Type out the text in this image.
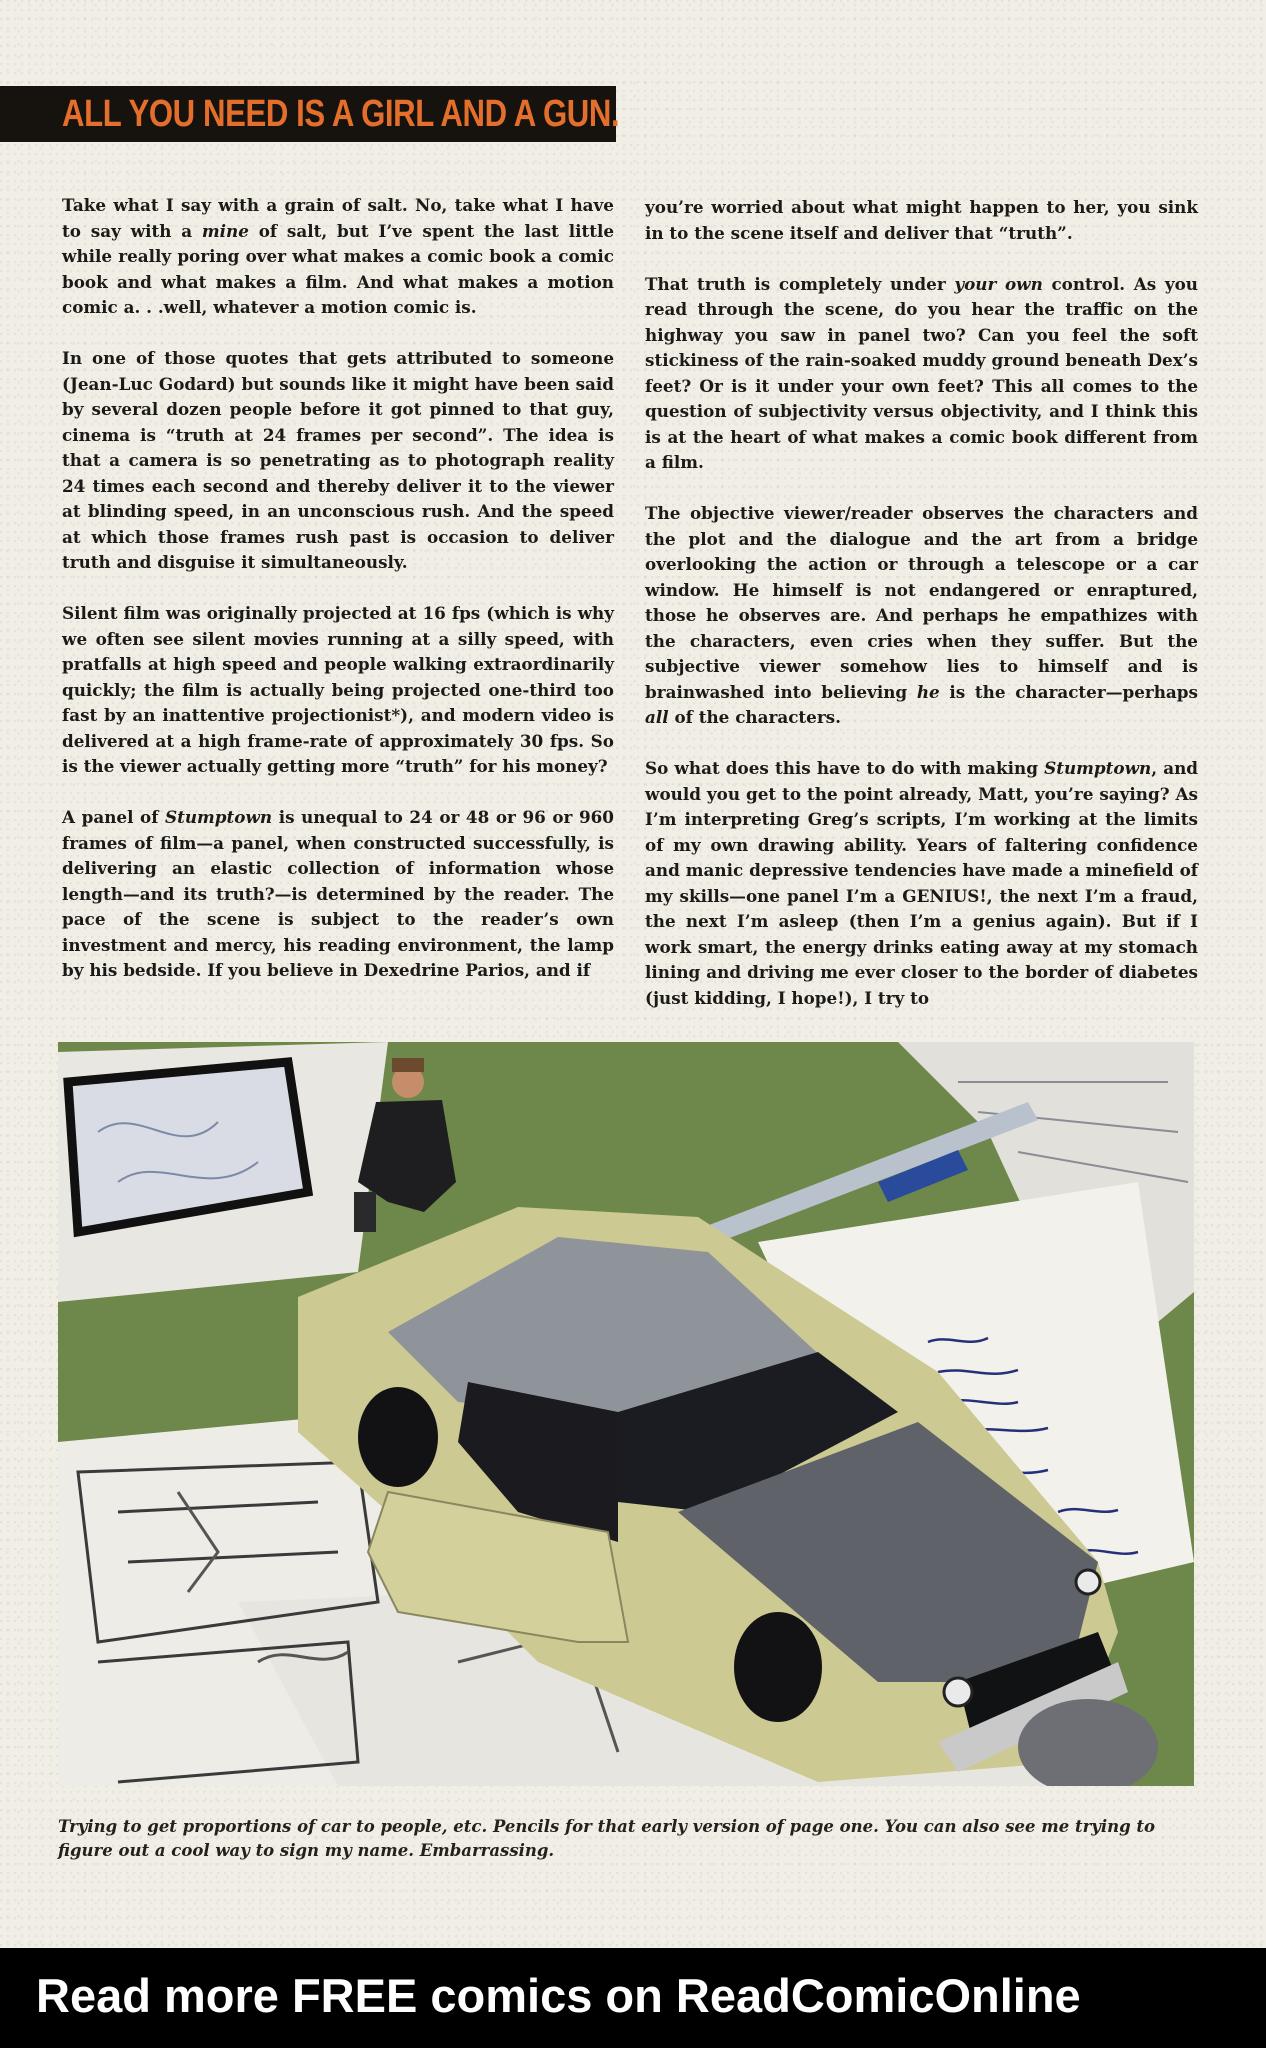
ALL YOU NEED IS A GIRL AND A GUN.

Take what I say with a grain of salt. No, take what I have to say with a mine of salt, but I’ve spent the last little while really poring over what makes a comic book a comic book and what makes a film. And what makes a motion comic a. . .well, whatever a motion comic is.

In one of those quotes that gets attributed to someone (Jean-Luc Godard) but sounds like it might have been said by several dozen people before it got pinned to that guy, cinema is “truth at 24 frames per second”. The idea is that a camera is so penetrating as to photograph reality 24 times each second and thereby deliver it to the viewer at blinding speed, in an unconscious rush. And the speed at which those frames rush past is occasion to deliver truth and disguise it simultaneously.

Silent film was originally projected at 16 fps (which is why we often see silent movies running at a silly speed, with pratfalls at high speed and people walking extraordinarily quickly; the film is actually being projected one-third too fast by an inattentive projectionist*), and modern video is delivered at a high frame-rate of approximately 30 fps. So is the viewer actually getting more “truth” for his money?

A panel of Stumptown is unequal to 24 or 48 or 96 or 960 frames of film—a panel, when constructed successfully, is delivering an elastic collection of information whose length—and its truth?—is determined by the reader. The pace of the scene is subject to the reader’s own investment and mercy, his reading environment, the lamp by his bedside. If you believe in Dexedrine Parios, and if

you’re worried about what might happen to her, you sink in to the scene itself and deliver that “truth”.

That truth is completely under your own control. As you read through the scene, do you hear the traffic on the highway you saw in panel two? Can you feel the soft stickiness of the rain-soaked muddy ground beneath Dex’s feet? Or is it under your own feet? This all comes to the question of subjectivity versus objectivity, and I think this is at the heart of what makes a comic book different from a film.

The objective viewer/reader observes the characters and the plot and the dialogue and the art from a bridge overlooking the action or through a telescope or a car window. He himself is not endangered or enraptured, those he observes are. And perhaps he empathizes with the characters, even cries when they suffer. But the subjective viewer somehow lies to himself and is brainwashed into believing he is the character—perhaps all of the characters.

So what does this have to do with making Stumptown, and would you get to the point already, Matt, you’re saying? As I’m interpreting Greg’s scripts, I’m working at the limits of my own drawing ability. Years of faltering confidence and manic depressive tendencies have made a minefield of my skills—one panel I’m a GENIUS!, the next I’m a fraud, the next I’m asleep (then I’m a genius again). But if I work smart, the energy drinks eating away at my stomach lining and driving me ever closer to the border of diabetes (just kidding, I hope!), I try to

Trying to get proportions of car to people, etc. Pencils for that early version of page one. You can also see me trying to figure out a cool way to sign my name. Embarrassing.
Read more FREE comics on ReadComicOnline
